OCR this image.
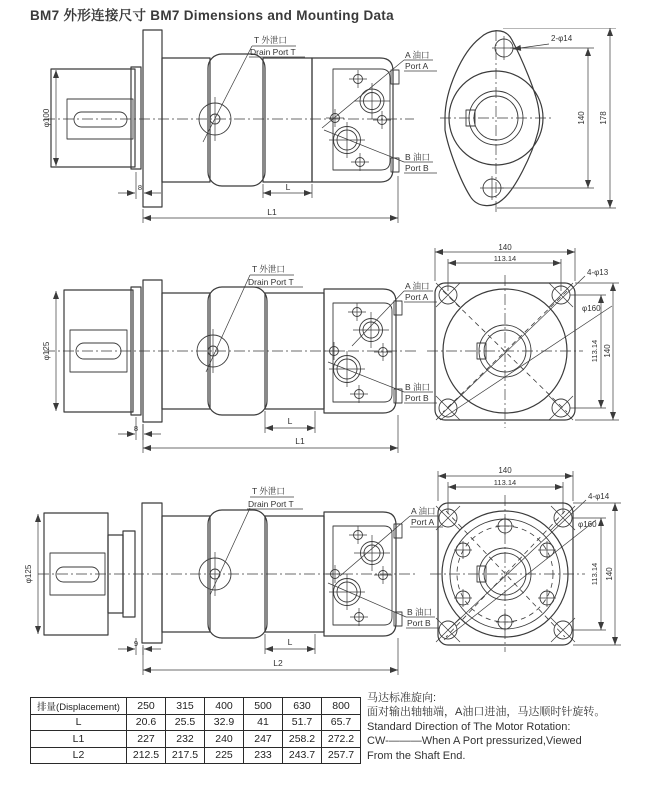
BM7 外形连接尺寸 BM7 Dimensions and Mounting Data
T 外泄口
Drain Port T	A 油口
Port A
B 油口
Port B
φ100
8	L
L1
2-φ14
140 178
T 外泄口
Drain Port T	A 油口
Port A
B 油口
Port B
φ125
8
L
L1
4-φ13
φ160
140
113.14
113.14 140
T 外泄口
Drain Port T
A 油口
Port A
B 油口
Port B
φ125
9	L
L2
4-φ14
φ160
140
113.14
113.14 140
排量(Displacement)	250	315	400	500	630	800
L	20.6	25.5	32.9	41	51.7	65.7
L1	227	232	240	247	258.2	272.2
L2	212.5	217.5	225	233	243.7	257.7
马达标准旋向:
面对输出轴轴端，A油口进油，马达顺时针旋转。
Standard Direction of The Motor Rotation:
CW-———When A Port pressurized,Viewed
From the Shaft End.
